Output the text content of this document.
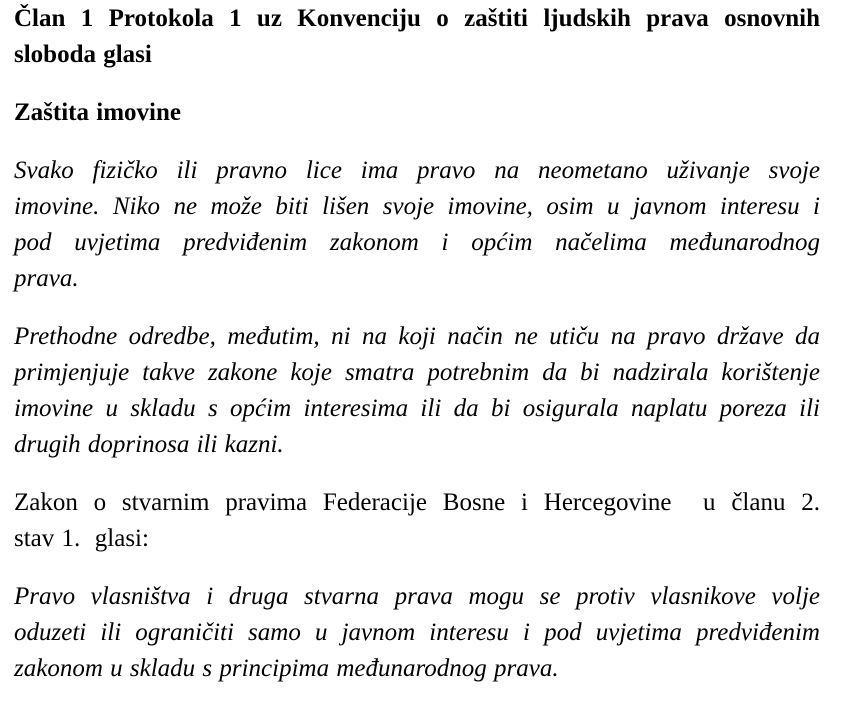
Član 1 Protokola 1 uz Konvenciju o zaštiti ljudskih prava osnovnih
sloboda glasi
Zaštita imovine
Svako fizičko ili pravno lice ima pravo na neometano uživanje svoje
imovine. Niko ne može biti lišen svoje imovine, osim u javnom interesu i
pod uvjetima predviđenim zakonom i općim načelima međunarodnog
prava.
Prethodne odredbe, međutim, ni na koji način ne utiču na pravo države da
primjenjuje takve zakone koje smatra potrebnim da bi nadzirala korištenje
imovine u skladu s općim interesima ili da bi osigurala naplatu poreza ili
drugih doprinosa ili kazni.
Zakon o stvarnim pravima Federacije Bosne i Hercegovine  u članu 2.
stav 1.  glasi:
Pravo vlasništva i druga stvarna prava mogu se protiv vlasnikove volje
oduzeti ili ograničiti samo u javnom interesu i pod uvjetima predviđenim
zakonom u skladu s principima međunarodnog prava.
